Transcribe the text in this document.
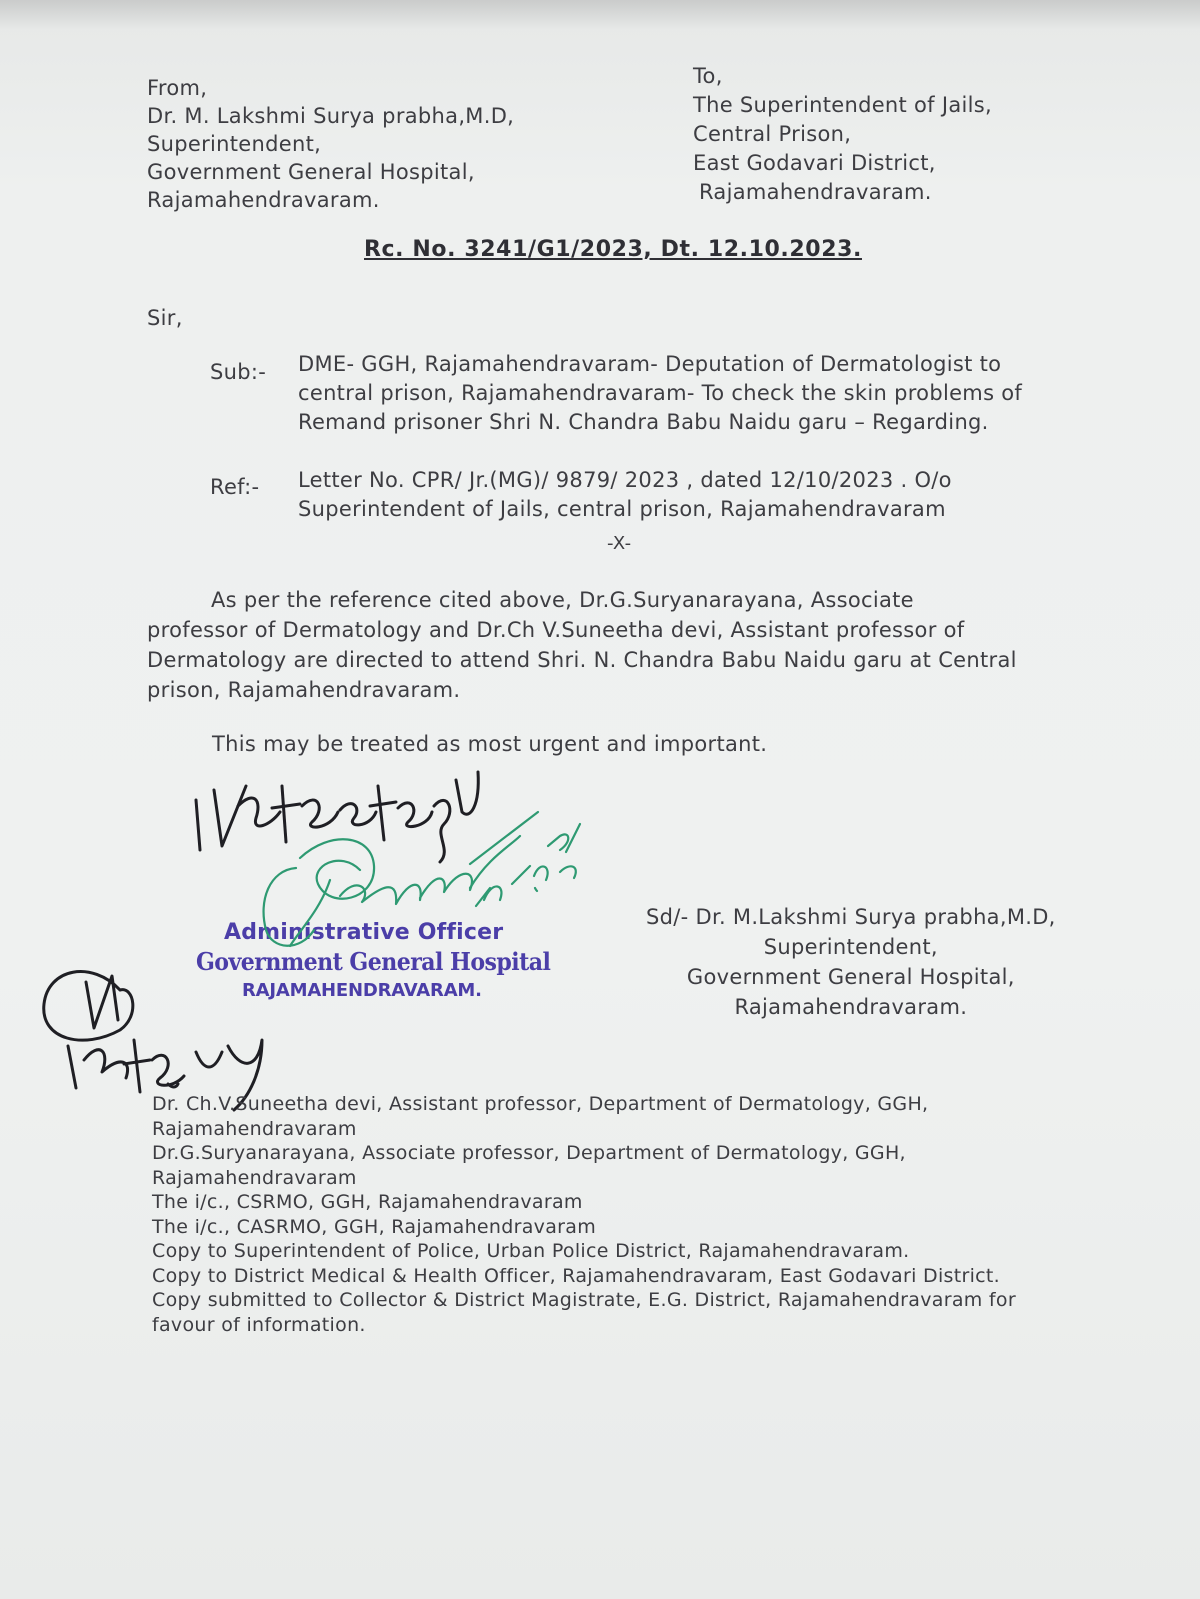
From,
Dr. M. Lakshmi Surya prabha,M.D,
Superintendent,
Government General Hospital,
Rajamahendravaram.
To,
The Superintendent of Jails,
Central Prison,
East Godavari District,
Rajamahendravaram.
Rc. No. 3241/G1/2023, Dt. 12.10.2023.
Sir,
Sub:- DME- GGH, Rajamahendravaram- Deputation of Dermatologist to
central prison, Rajamahendravaram- To check the skin problems of
Remand prisoner Shri N. Chandra Babu Naidu garu – Regarding.
Ref:- Letter No. CPR/ Jr.(MG)/ 9879/ 2023 , dated 12/10/2023 . O/o
Superintendent of Jails, central prison, Rajamahendravaram
-X-
As per the reference cited above, Dr.G.Suryanarayana, Associate
professor of Dermatology and Dr.Ch V.Suneetha devi, Assistant professor of
Dermatology are directed to attend Shri. N. Chandra Babu Naidu garu at Central
prison, Rajamahendravaram.
This may be treated as most urgent and important.
Sd/- Dr. M.Lakshmi Surya prabha,M.D,
Superintendent,
Government General Hospital,
Rajamahendravaram.
Administrative Officer
Government General Hospital
RAJAMAHENDRAVARAM.
Dr. Ch.V.Suneetha devi, Assistant professor, Department of Dermatology, GGH,
Rajamahendravaram
Dr.G.Suryanarayana, Associate professor, Department of Dermatology, GGH,
Rajamahendravaram
The i/c., CSRMO, GGH, Rajamahendravaram
The i/c., CASRMO, GGH, Rajamahendravaram
Copy to Superintendent of Police, Urban Police District, Rajamahendravaram.
Copy to District Medical & Health Officer, Rajamahendravaram, East Godavari District.
Copy submitted to Collector & District Magistrate, E.G. District, Rajamahendravaram for
favour of information.
